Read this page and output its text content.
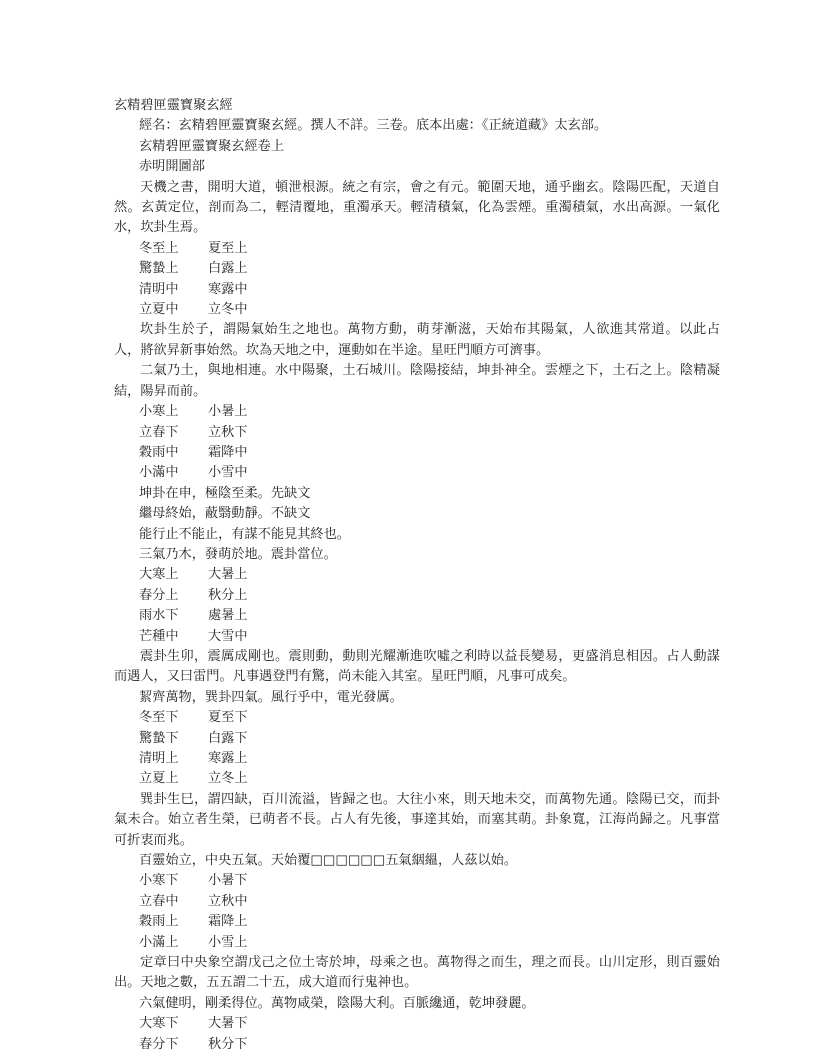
玄精碧匣靈寶聚玄經

經名：玄精碧匣靈寶聚玄經。撰人不詳。三卷。底本出處：《正統道藏》太玄部。

玄精碧匣靈寶聚玄經卷上

赤明開圖部

天機之書，開明大道，頓泄根源。統之有宗，會之有元。範圍天地，通乎幽玄。陰陽匹配，天道自然。玄黃定位，剖而為二，輕清覆地，重濁承天。輕清積氣，化為雲煙。重濁積氣，水出高源。一氣化水，坎卦生焉。

冬至上	夏至上
驚蟄上	白露上
清明中	寒露中
立夏中	立冬中

坎卦生於子，謂陽氣始生之地也。萬物方動，萌芽漸滋，天始布其陽氣，人欲進其常道。以此占人，將欲昇新事始然。坎為天地之中，運動如在半途。星旺門順方可濟事。

二氣乃土，與地相連。水中陽聚，土石城川。陰陽接結，坤卦神全。雲煙之下，土石之上。陰精凝結，陽昇而前。

小寒上	小暑上
立春下	立秋下
穀雨中	霜降中
小滿中	小雪中

坤卦在申，極陰至柔。先缺文

繼母終始，蔽翳動靜。不缺文

能行止不能止，有謀不能見其終也。

三氣乃木，發萌於地。震卦當位。

大寒上	大暑上
春分上	秋分上
雨水下	處暑上
芒種中	大雪中

震卦生卯，震厲成剛也。震則動，動則光耀漸進吹噓之利時以益長變易，更盛消息相因。占人動謀而遇人，又曰雷門。凡事遇登門有驚，尚未能入其室。星旺門順，凡事可成矣。

絜齊萬物，巽卦四氣。風行乎中，電光發厲。

冬至下	夏至下
驚蟄下	白露下
清明上	寒露上
立夏上	立冬上

巽卦生巳，謂四缺，百川流溢，皆歸之也。大往小來，則天地未交，而萬物先通。陰陽已交，而卦氣未合。始立者生榮，已萌者不長。占人有先後，事達其始，而塞其萌。卦象寬，江海尚歸之。凡事當可折衷而兆。

百靈始立，中央五氣。天始覆□□□□□□五氣絪縕，人茲以始。

小寒下	小暑下
立春中	立秋中
穀雨上	霜降上
小滿上	小雪上

定章曰中央象空謂戊己之位土寄於坤，母乘之也。萬物得之而生，理之而長。山川定形，則百靈始出。天地之數，五五謂二十五，成大道而行鬼神也。

六氣健明，剛柔得位。萬物咸榮，陰陽大利。百脈纔通，乾坤發麗。

大寒下	大暑下
春分下	秋分下
